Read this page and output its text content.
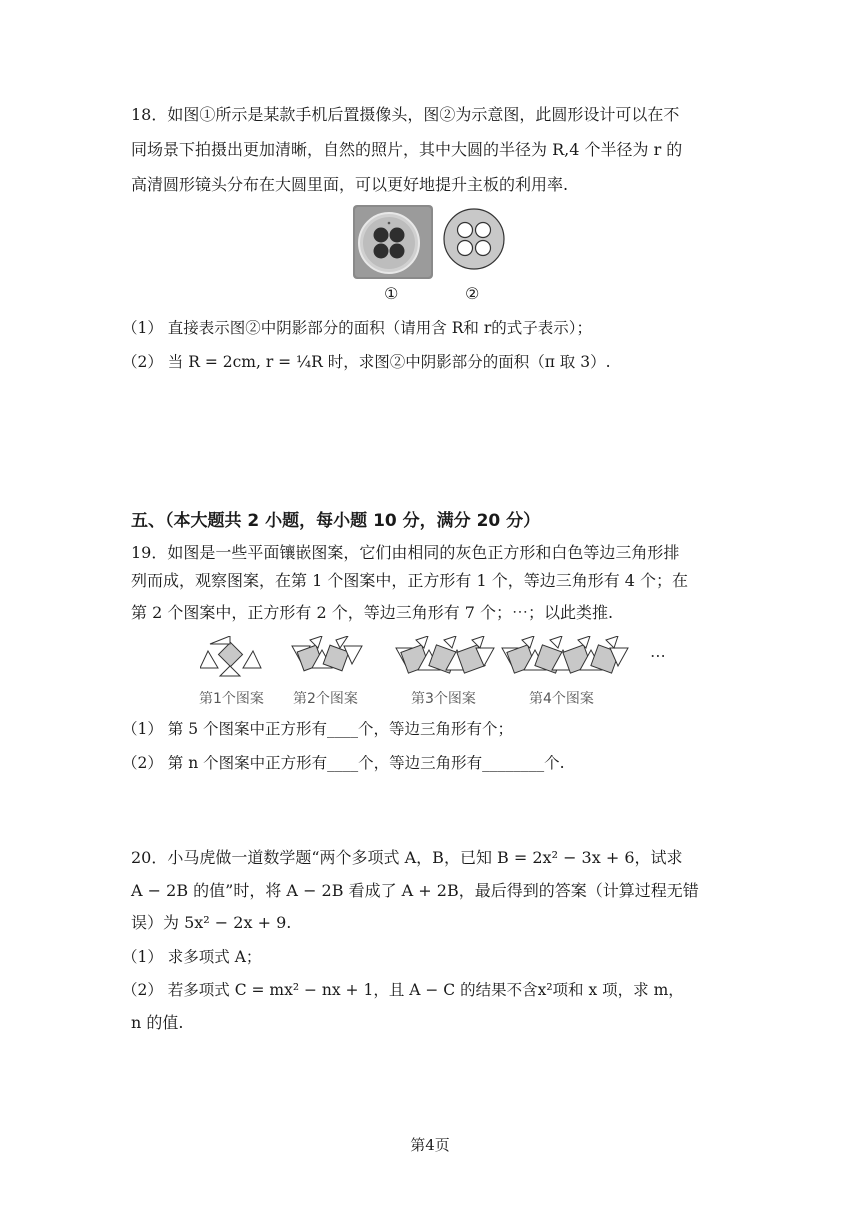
18．如图①所示是某款手机后置摄像头，图②为示意图，此圆形设计可以在不
同场景下拍摄出更加清晰，自然的照片，其中大圆的半径为 R,4 个半径为 r 的
高清圆形镜头分布在大圆里面，可以更好地提升主板的利用率.
①	②
（1） 直接表示图②中阴影部分的面积（请用含 R和 r的式子表示）；
（2） 当 R = 2cm, r = ¼R 时，求图②中阴影部分的面积（π 取 3）.
五、（本大题共 2 小题，每小题 10 分，满分 20 分）
19．如图是一些平面镶嵌图案，它们由相同的灰色正方形和白色等边三角形排
列而成，观察图案，在第 1 个图案中，正方形有 1 个，等边三角形有 4 个；在
第 2 个图案中，正方形有 2 个，等边三角形有 7 个；⋯；以此类推.
⋯
第1个图案 第2个图案	第3个图案	第4个图案
（1） 第 5 个图案中正方形有____个，等边三角形有个；
（2） 第 n 个图案中正方形有____个，等边三角形有________个.
20．小马虎做一道数学题“两个多项式 A，B，已知 B = 2x² − 3x + 6，试求
A − 2B 的值”时，将 A − 2B 看成了 A + 2B，最后得到的答案（计算过程无错
误）为 5x² − 2x + 9.
（1） 求多项式 A；
（2） 若多项式 C = mx² − nx + 1，且 A − C 的结果不含x²项和 x 项，求 m，
n 的值.
第4页
